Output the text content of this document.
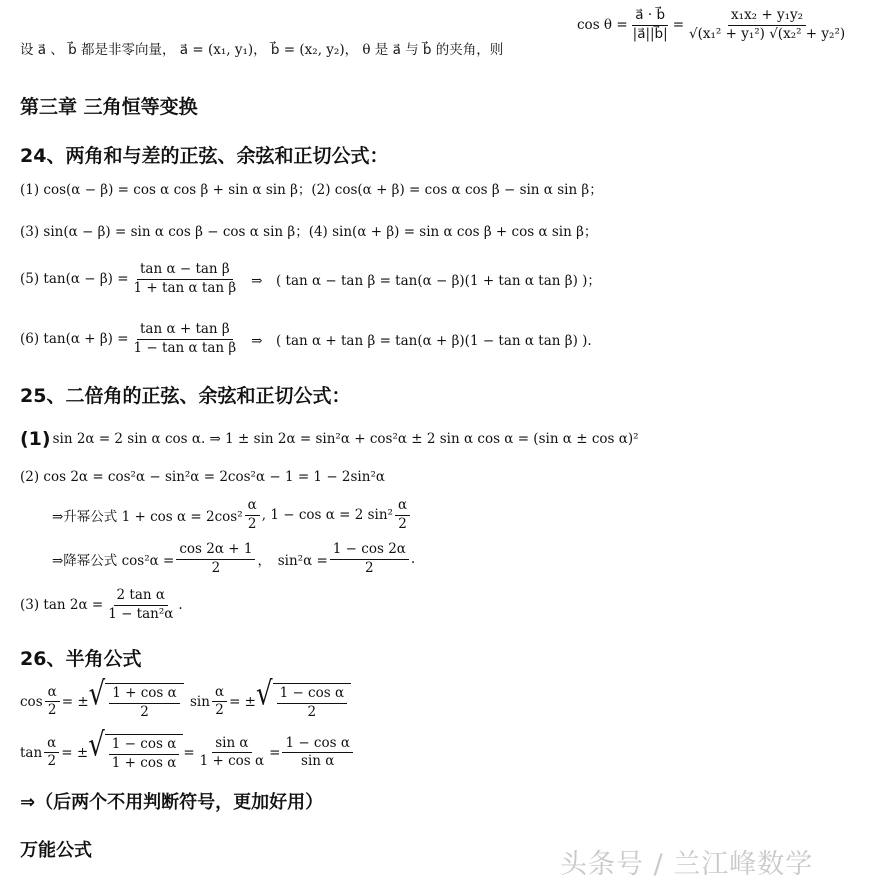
设 a⃗ 、 b⃗ 都是非零向量， a⃗ = (x₁, y₁)， b⃗ = (x₂, y₂)， θ 是 a⃗ 与 b⃗ 的夹角，则
$\cos \theta = \frac{a⃗ \cdot b⃗}{|a⃗||b⃗|} = \frac{\text{x₁x₂ + y₁y₂}}{\text{√(x₁² + y₁²) √(x₂² + y₂²)}}$
第三章 三角恒等变换
24、两角和与差的正弦、余弦和正切公式：
(1) cos(α − β) = cos α cos β + sin α sin β；(2) cos(α + β) = cos α cos β − sin α sin β；
(3) sin(α − β) = sin α cos β − cos α sin β；(4) sin(α + β) = sin α cos β + cos α sin β；
(5) $\tan(\alpha - \beta) = \frac{\text{tan α − tan β}}{\text{1 + tan α tan β}}$ ⇒　( tan α − tan β = tan(α − β)(1 + tan α tan β) )；
(6) $\tan(\alpha + \beta) = \frac{\text{tan α + tan β}}{\text{1 − tan α tan β}}$ ⇒　( tan α + tan β = tan(α + β)(1 − tan α tan β) ).
25、二倍角的正弦、余弦和正切公式：
(1) sin 2α = 2 sin α cos α. ⇒ 1 ± sin 2α = sin²α + cos²α ± 2 sin α cos α = (sin α ± cos α)²
(2) cos 2α = cos²α − sin²α = 2cos²α − 1 = 1 − 2sin²α
⇒升幂公式 $1 + \cos \alpha = 2\cos^2 \frac{\alpha}{2}$ , 1 − cos α = 2 $\sin^2 \frac{\alpha}{2}$
⇒降幂公式 $\cos^2\alpha = \frac{\cos 2\alpha + 1}{2}$ ，　$\sin^2\alpha = \frac{1 - \cos 2\alpha}{2}$ .
(3) $\tan 2\alpha = \frac{\text{2 tan α}}{\text{1 − tan²α}}$ .
26、半角公式
$\cos \frac{\alpha}{2}$ = ± √ $\frac{\text{1 + cos α}}{2}$ $\sin \frac{\alpha}{2}$ = ± √ $\frac{\text{1 − cos α}}{2}$
$\tan \frac{\alpha}{2}$ = ± √ $\frac{\text{1 − cos α}}{\text{1 + cos α}} = \frac{\text{sin α}}{\text{1 + cos α}} = \frac{\text{1 − cos α}}{\text{sin α}}$
⇒（后两个不用判断符号，更加好用）
万能公式	头条号 / 兰江峰数学
